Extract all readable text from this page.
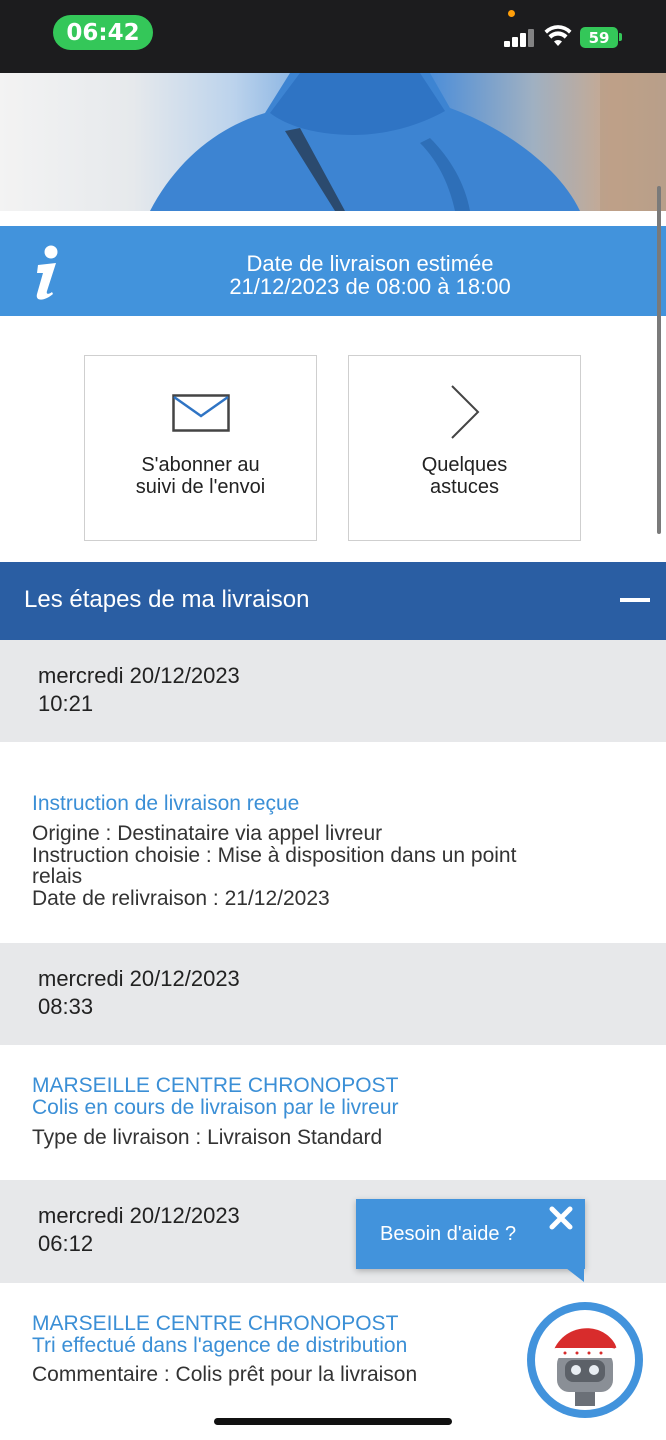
06:42	59
Date de livraison estimée
21/12/2023 de 08:00 à 18:00
S'abonner au
suivi de l'envoi
Quelques
astuces
Les étapes de ma livraison
mercredi 20/12/2023
10:21
Instruction de livraison reçue
Origine : Destinataire via appel livreur
Instruction choisie : Mise à disposition dans un point
relais
Date de relivraison : 21/12/2023
mercredi 20/12/2023
08:33
MARSEILLE CENTRE CHRONOPOST
Colis en cours de livraison par le livreur
Type de livraison : Livraison Standard
mercredi 20/12/2023
06:12
MARSEILLE CENTRE CHRONOPOST
Tri effectué dans l'agence de distribution
Commentaire : Colis prêt pour la livraison
Besoin d'aide ?
